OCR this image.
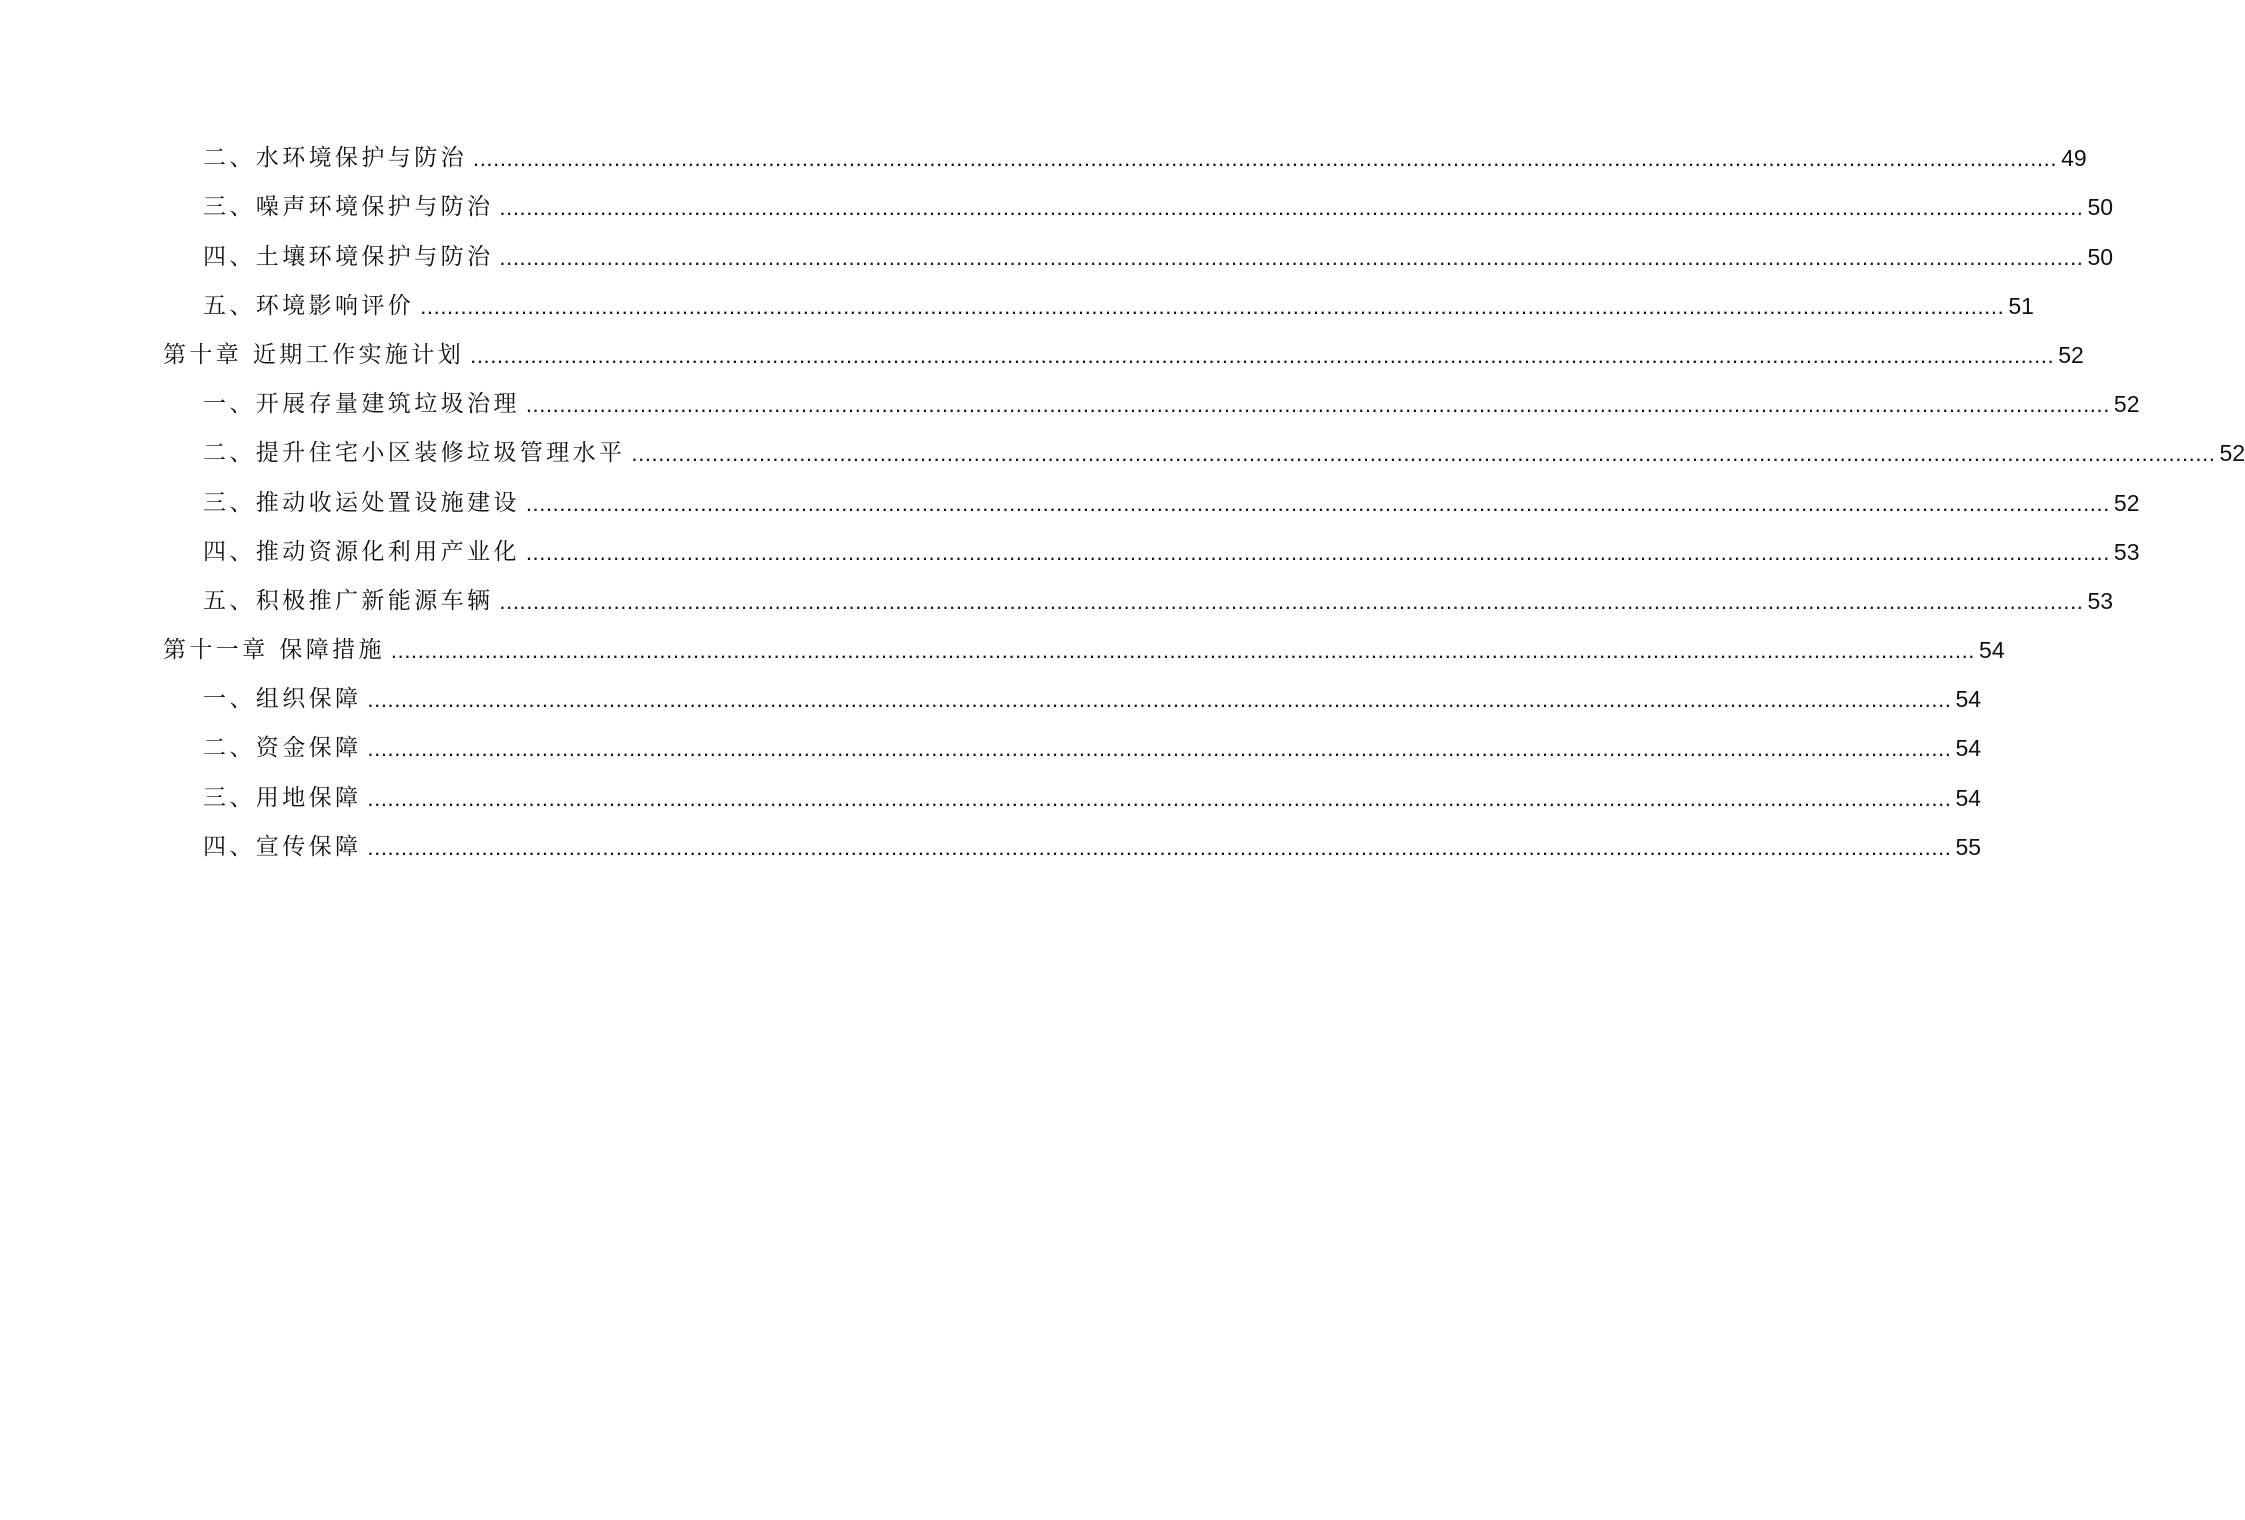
二、水环境保护与防治 ............................................................................................................................................................................................................................................ 49
三、噪声环境保护与防治 ............................................................................................................................................................................................................................................ 50
四、土壤环境保护与防治 ............................................................................................................................................................................................................................................ 50
五、环境影响评价 ............................................................................................................................................................................................................................................ 51
第十章 近期工作实施计划 ............................................................................................................................................................................................................................................ 52
一、开展存量建筑垃圾治理 ............................................................................................................................................................................................................................................ 52
二、提升住宅小区装修垃圾管理水平 ............................................................................................................................................................................................................................................ 52
三、推动收运处置设施建设 ............................................................................................................................................................................................................................................ 52
四、推动资源化利用产业化 ............................................................................................................................................................................................................................................ 53
五、积极推广新能源车辆 ............................................................................................................................................................................................................................................ 53
第十一章 保障措施 ............................................................................................................................................................................................................................................ 54
一、组织保障 ............................................................................................................................................................................................................................................ 54
二、资金保障 ............................................................................................................................................................................................................................................ 54
三、用地保障 ............................................................................................................................................................................................................................................ 54
四、宣传保障 ............................................................................................................................................................................................................................................ 55
